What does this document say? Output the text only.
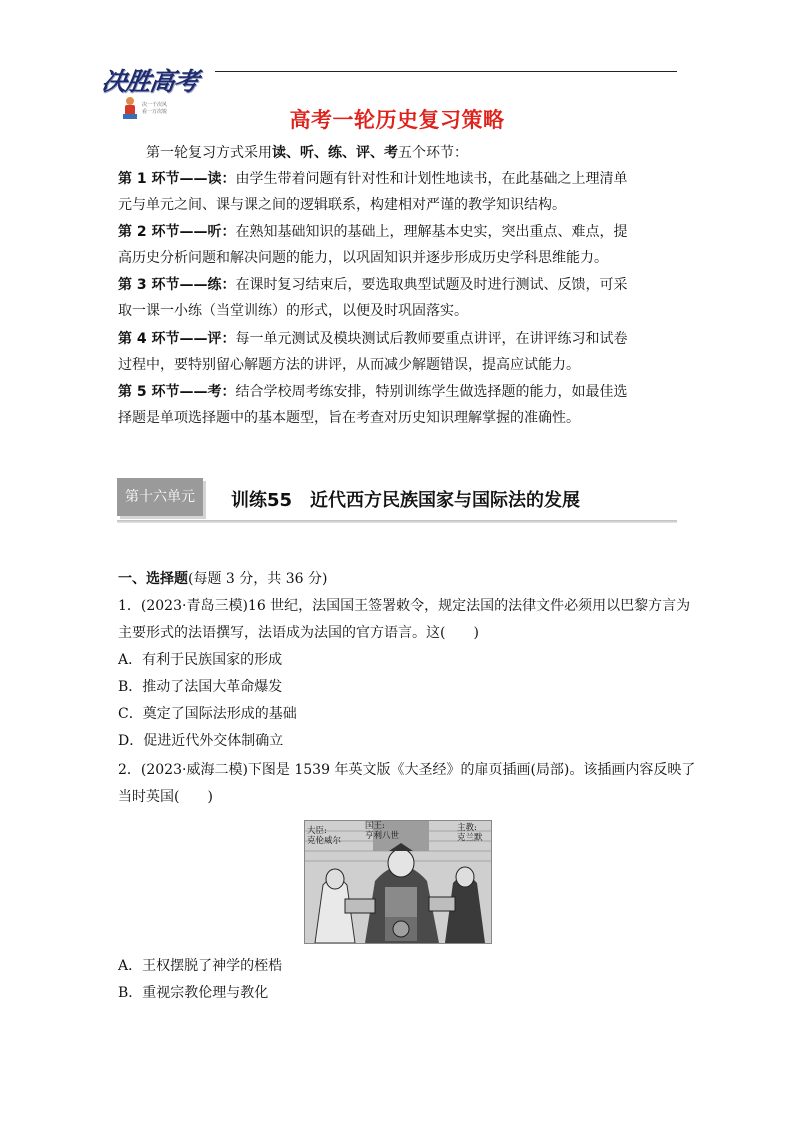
决胜高考
决一千次风
看一万次锐	高考一轮历史复习策略
第一轮复习方式采用读、听、练、评、考五个环节：
第 1 环节——读：由学生带着问题有针对性和计划性地读书，在此基础之上理清单
元与单元之间、课与课之间的逻辑联系，构建相对严谨的教学知识结构。
第 2 环节——听：在熟知基础知识的基础上，理解基本史实，突出重点、难点，提
高历史分析问题和解决问题的能力，以巩固知识并逐步形成历史学科思维能力。
第 3 环节——练：在课时复习结束后，要选取典型试题及时进行测试、反馈，可采
取一课一小练（当堂训练）的形式，以便及时巩固落实。
第 4 环节——评：每一单元测试及模块测试后教师要重点讲评，在讲评练习和试卷
过程中，要特别留心解题方法的讲评，从而减少解题错误，提高应试能力。
第 5 环节——考：结合学校周考练安排，特别训练学生做选择题的能力，如最佳选
择题是单项选择题中的基本题型，旨在考查对历史知识理解掌握的准确性。
第十六单元	训练55　近代西方民族国家与国际法的发展
一、选择题(每题 3 分，共 36 分)
1．(2023·青岛三模)16 世纪，法国国王签署敕令，规定法国的法律文件必须用以巴黎方言为
主要形式的法语撰写，法语成为法国的官方语言。这(　　)
A．有利于民族国家的形成
B．推动了法国大革命爆发
C．奠定了国际法形成的基础
D．促进近代外交体制确立
2．(2023·威海二模)下图是 1539 年英文版《大圣经》的扉页插画(局部)。该插画内容反映了
当时英国(　　)
大臣:
克伦威尔
国王:
亨利八世
主教:
克兰默
A．王权摆脱了神学的桎梏
B．重视宗教伦理与教化
